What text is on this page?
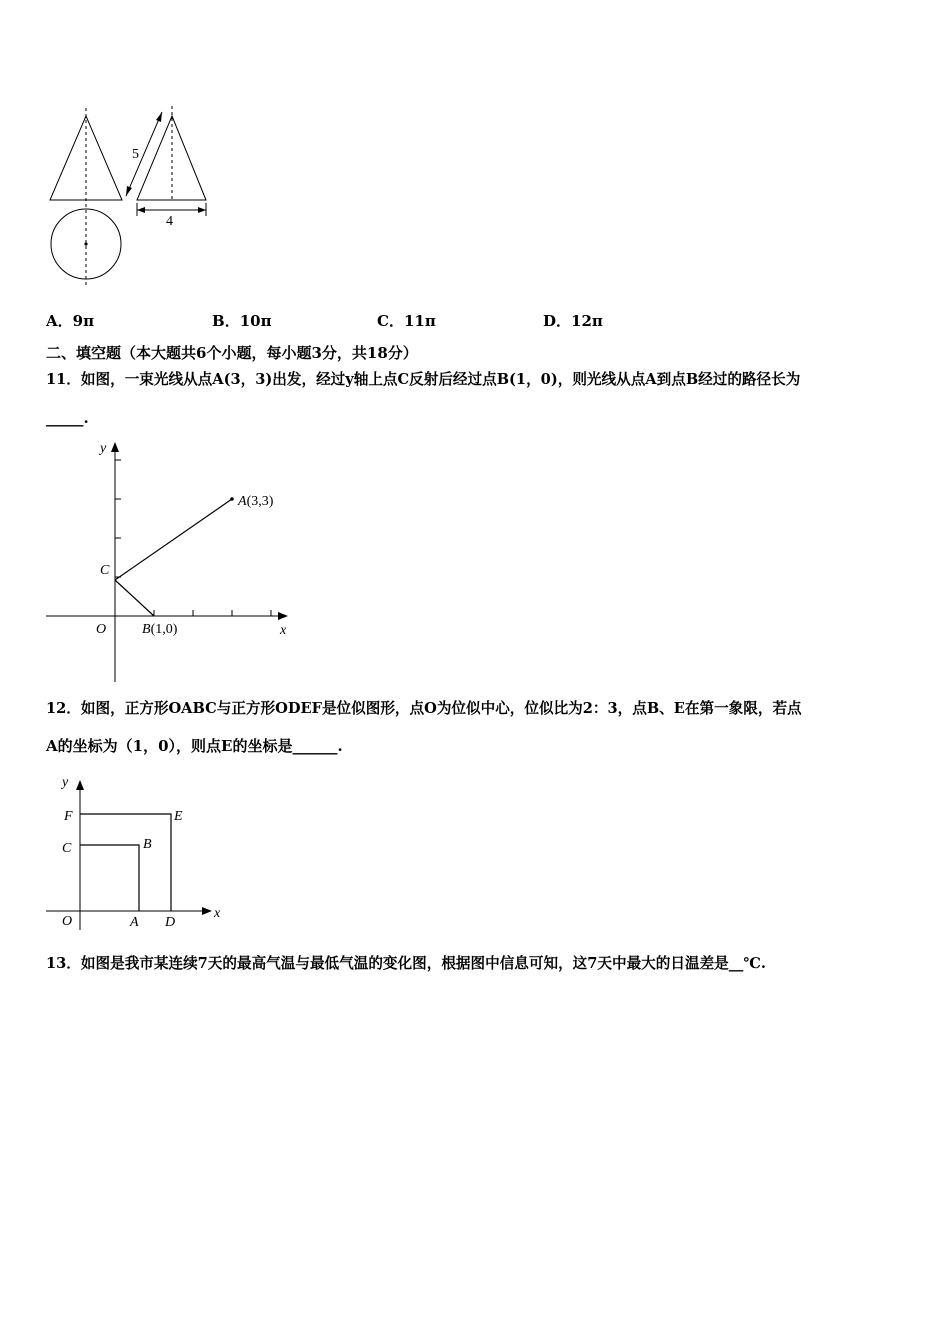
5
4
A．9π	B．10π	C．11π	D．12π
二、填空题（本大题共6个小题，每小题3分，共18分）
11．如图，一束光线从点A(3，3)出发，经过y轴上点C反射后经过点B(1，0)，则光线从点A到点B经过的路径长为
_____.
y
x
O
C
A(3,3)
B(1,0)
12．如图，正方形OABC与正方形ODEF是位似图形，点O为位似中心，位似比为2：3，点B、E在第一象限，若点
A的坐标为（1，0），则点E的坐标是______.
y
x
O	A D
B
C
E
F
13．如图是我市某连续7天的最高气温与最低气温的变化图，根据图中信息可知，这7天中最大的日温差是__℃.
